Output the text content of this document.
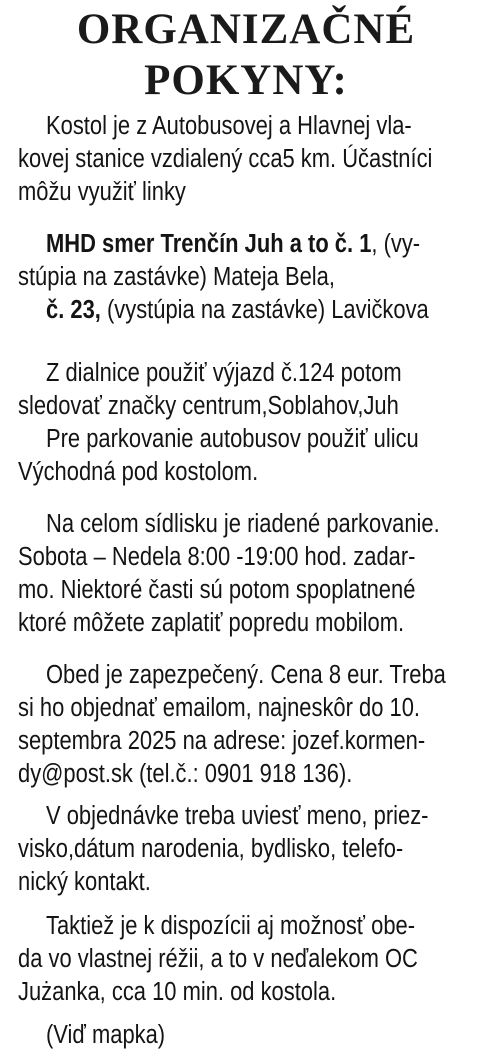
ORGANIZAČNÉ
POKYNY:
Kostol je z Autobusovej a Hlavnej vla-
kovej stanice vzdialený cca5 km. Účastníci
môžu využiť linky
MHD smer Trenčín Juh a to č. 1, (vy-
stúpia na zastávke) Mateja Bela,
č. 23, (vystúpia na zastávke) Lavičkova
Z dialnice použiť výjazd č.124 potom
sledovať značky centrum,Soblahov,Juh
Pre parkovanie autobusov použiť ulicu
Východná pod kostolom.
Na celom sídlisku je riadené parkovanie.
Sobota – Nedela 8:00 -19:00 hod. zadar-
mo. Niektoré časti sú potom spoplatnené
ktoré môžete zaplatiť popredu mobilom.
Obed je zapezpečený. Cena 8 eur. Treba
si ho objednať emailom, najneskôr do 10.
septembra 2025 na adrese: jozef.kormen-
dy@post.sk (tel.č.: 0901 918 136).
V objednávke treba uviesť meno, priez-
visko,dátum narodenia, bydlisko, telefo-
nický kontakt.
Taktiež je k dispozícii aj možnosť obe-
da vo vlastnej réžii, a to v neďalekom OC
Jużanka, cca 10 min. od kostola.
(Viď mapka)
